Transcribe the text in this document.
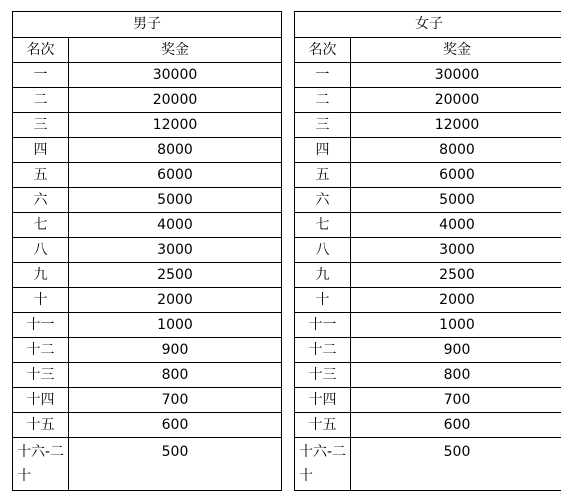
男子	
名次	奖金
一	30000
二	20000
三	12000
四	8000
五	6000
六	5000
七	4000
八	3000
九	2500
十	2000
十一	1000
十二	900
十三	800
十四	700
十五	600
十六-二十	500
女子	
名次	奖金
一	30000
二	20000
三	12000
四	8000
五	6000
六	5000
七	4000
八	3000
九	2500
十	2000
十一	1000
十二	900
十三	800
十四	700
十五	600
十六-二十	500
